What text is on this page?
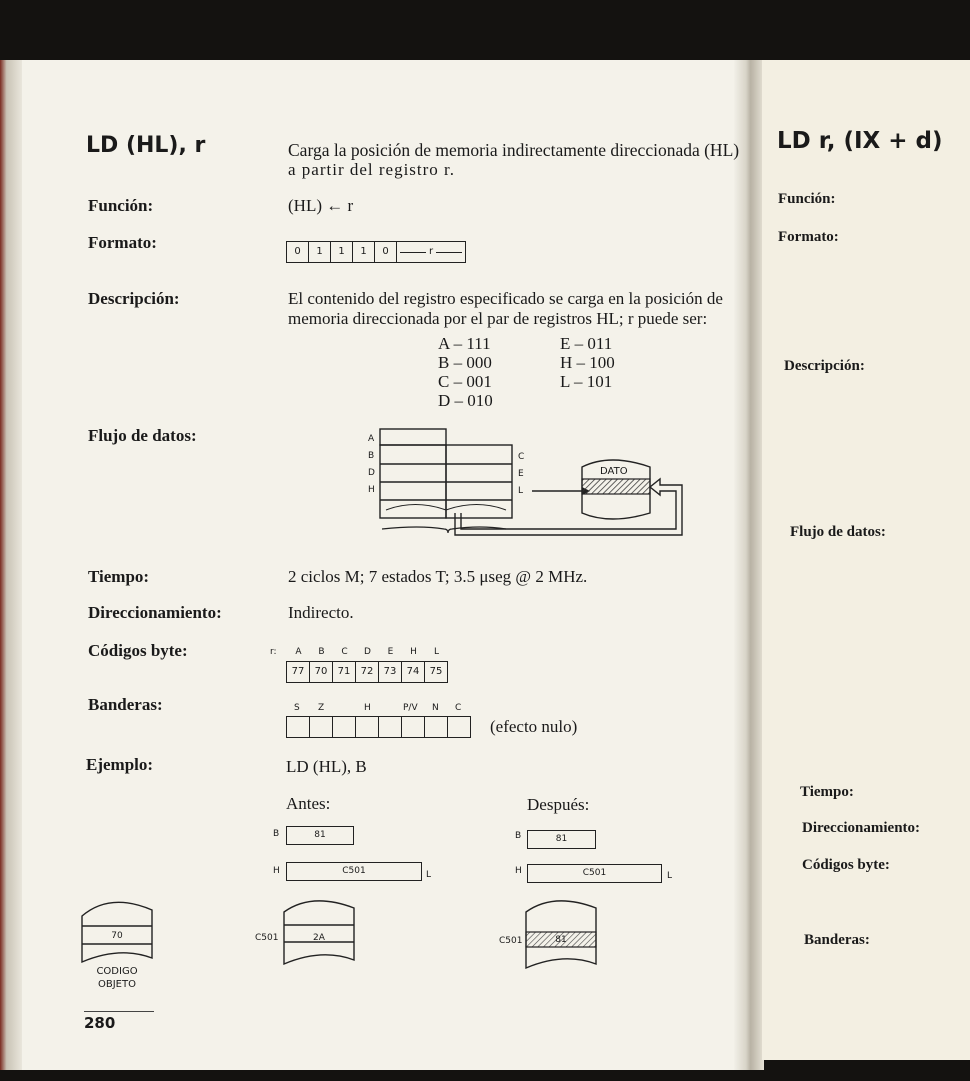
LD (HL), r	Carga la posición de memoria indirectamente direccionada (HL)
a partir del registro r.
Función:	(HL) ← r
Formato:	0	1	1	1	0	r
Descripción:	El contenido del registro especificado se carga en la posición de
memoria direccionada por el par de registros HL; r puede ser:
A – 111
B – 000
C – 001
D – 010
E – 011
H – 100
L – 101
Flujo de datos:	A
B
D
H
C
E
L
DATO
Tiempo:	2 ciclos M; 7 estados T; 3.5 μseg @ 2 MHz.
Direccionamiento:	Indirecto.
Códigos byte:	r:	A	B	C	D	E	H	L
77	70	71	72	73	74	75
Banderas:	S Z	H	P/V N C
(efecto nulo)
Ejemplo:	LD (HL), B
Antes:	Después:
B	81
H	C501	L
B	81
H	C501	L
C501	2A	C501	81
70
CODIGO
OBJETO
280
LD r, (IX + d)
Función:
Formato:
Descripción:
Flujo de datos:
Tiempo:
Direccionamiento:
Códigos byte:
Banderas:
